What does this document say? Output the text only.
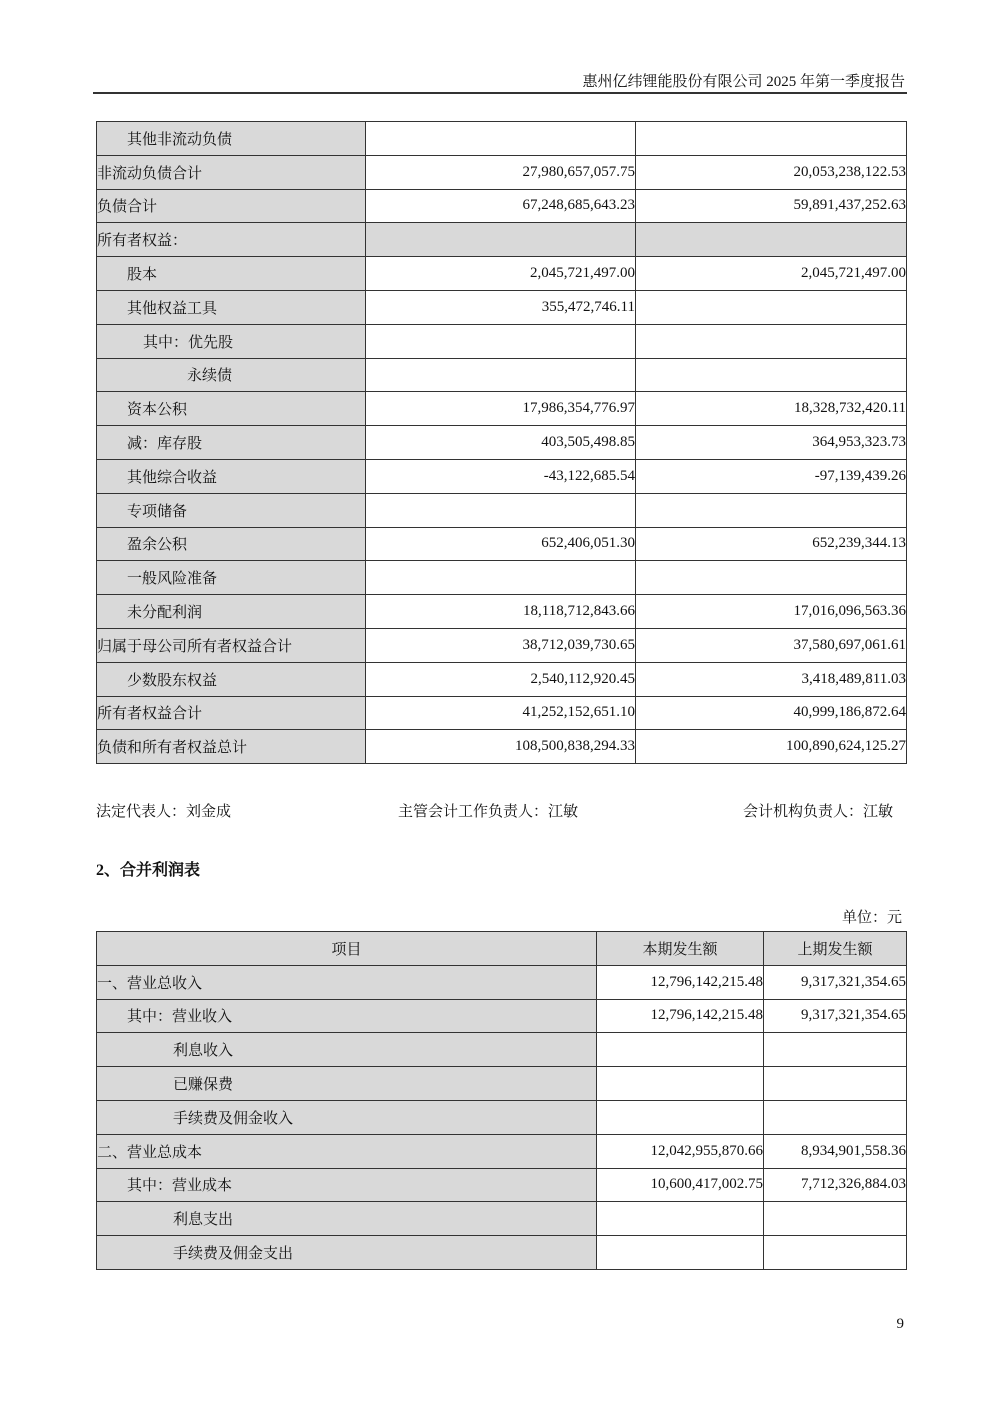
惠州亿纬锂能股份有限公司 2025 年第一季度报告
其他非流动负债		
非流动负债合计	27,980,657,057.75	20,053,238,122.53
负债合计	67,248,685,643.23	59,891,437,252.63
所有者权益：		
股本	2,045,721,497.00	2,045,721,497.00
其他权益工具	355,472,746.11	
其中：优先股		
永续债		
资本公积	17,986,354,776.97	18,328,732,420.11
减：库存股	403,505,498.85	364,953,323.73
其他综合收益	-43,122,685.54	-97,139,439.26
专项储备		
盈余公积	652,406,051.30	652,239,344.13
一般风险准备		
未分配利润	18,118,712,843.66	17,016,096,563.36
归属于母公司所有者权益合计	38,712,039,730.65	37,580,697,061.61
少数股东权益	2,540,112,920.45	3,418,489,811.03
所有者权益合计	41,252,152,651.10	40,999,186,872.64
负债和所有者权益总计	108,500,838,294.33	100,890,624,125.27
法定代表人：刘金成	主管会计工作负责人：江敏	会计机构负责人：江敏
2、合并利润表
单位：元
项目	本期发生额	上期发生额
一、营业总收入	12,796,142,215.48	9,317,321,354.65
其中：营业收入	12,796,142,215.48	9,317,321,354.65
利息收入		
已赚保费		
手续费及佣金收入		
二、营业总成本	12,042,955,870.66	8,934,901,558.36
其中：营业成本	10,600,417,002.75	7,712,326,884.03
利息支出		
手续费及佣金支出		
9
